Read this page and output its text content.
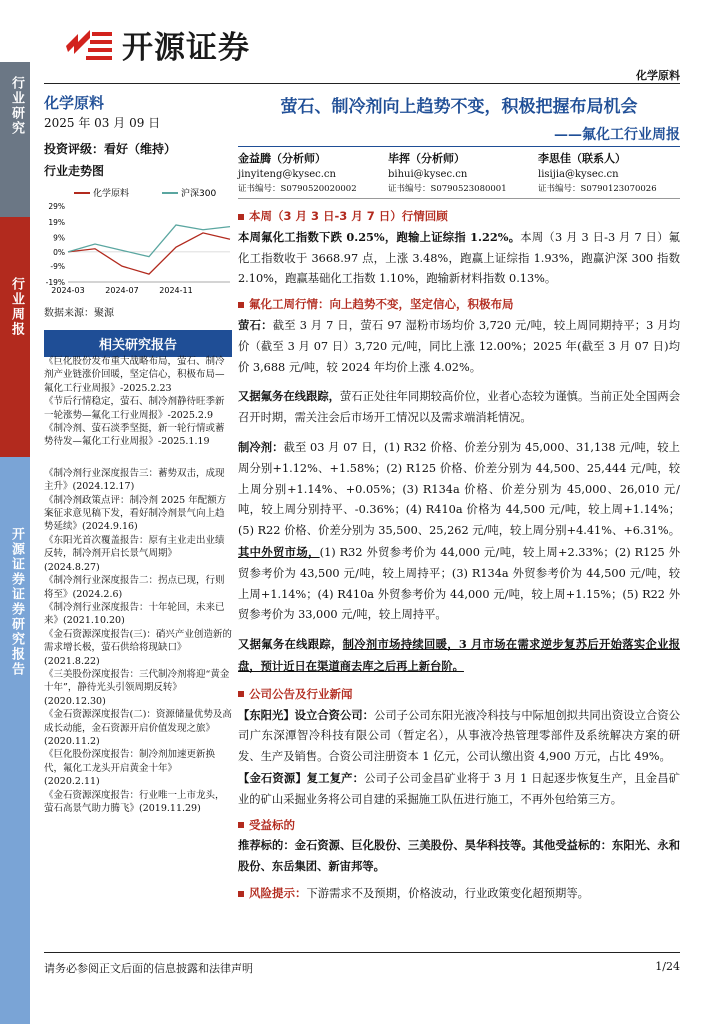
行业研究
行业周报
开源证券证券研究报告
开源证券
化学原料
化学原料
2025 年 03 月 09 日
投资评级：看好（维持）
行业走势图
化学原料	沪深300
-19%
-9%
0%
9%
19%
29%
2024-03	2024-07	2024-11
数据来源：聚源
相关研究报告
《巨化股份发布重大战略布局，萤石、制冷剂产业链涨价回暖，坚定信心，积极布局—氟化工行业周报》-2025.2.23
《节后行情稳定，萤石、制冷剂静待旺季新一轮涨势—氟化工行业周报》-2025.2.9
《制冷剂、萤石淡季坚挺，新一轮行情或蓄势待发—氟化工行业周报》-2025.1.19
《制冷剂行业深度报告三：蓄势双击，成现主升》(2024.12.17)
《制冷剂政策点评：制冷剂 2025 年配额方案征求意见稿下发，看好制冷剂景气向上趋势延续》(2024.9.16)
《东阳光首次覆盖报告：原有主业走出业绩反转，制冷剂开启长景气周期》(2024.8.27)
《制冷剂行业深度报告二：拐点已现，行则将至》(2024.2.6)
《制冷剂行业深度报告：十年轮回，未来已来》(2021.10.20)
《金石资源深度报告(三)：硝兴产业创造新的需求增长极，萤石供给将现缺口》(2021.8.22)
《三美股份深度报告：三代制冷剂将迎“黄金十年”，静待光头引领周期反转》(2020.12.30)
《金石资源深度报告(二)：资源储量优势及高成长动能，金石资源开启价值发现之旅》(2020.11.2)
《巨化股份深度报告：制冷剂加速更新换代，氟化工龙头开启黄金十年》(2020.2.11)
《金石资源深度报告：行业唯一上市龙头，萤石高景气助力腾飞》(2019.11.29)
萤石、制冷剂向上趋势不变，积极把握布局机会
——氟化工行业周报
金益腾（分析师）
jinyiteng@kysec.cn
证书编号：S0790520020002
毕挥（分析师）
bihui@kysec.cn
证书编号：S0790523080001
李思佳（联系人）
lisijia@kysec.cn
证书编号：S0790123070026
本周（3 月 3 日-3 月 7 日）行情回顾
本周氟化工指数下跌 0.25%，跑输上证综指 1.22%。本周（3 月 3 日-3 月 7 日）氟化工指数收于 3668.97 点，上涨 3.48%，跑赢上证综指 1.93%，跑赢沪深 300 指数 2.10%，跑赢基础化工指数 1.10%，跑输新材料指数 0.13%。
氟化工周行情：向上趋势不变，坚定信心，积极布局
萤石：截至 3 月 7 日，萤石 97 湿粉市场均价 3,720 元/吨，较上周同期持平；3 月均价（截至 3 月 07 日）3,720 元/吨，同比上涨 12.00%；2025 年(截至 3 月 07 日)均价 3,688 元/吨，较 2024 年均价上涨 4.02%。
又据氟务在线跟踪，萤石正处往年同期较高价位，业者心态较为谨慎。当前正处全国两会召开时期，需关注会后市场开工情况以及需求端消耗情况。
制冷剂：截至 03 月 07 日，(1) R32 价格、价差分别为 45,000、31,138 元/吨，较上周分别+1.12%、+1.58%；(2) R125 价格、价差分别为 44,500、25,444 元/吨，较上周分别+1.14%、+0.05%；(3) R134a 价格、价差分别为 45,000、26,010 元/吨，较上周分别持平、-0.36%；(4) R410a 价格为 44,500 元/吨，较上周+1.14%；(5) R22 价格、价差分别为 35,500、25,262 元/吨，较上周分别+4.41%、+6.31%。其中外贸市场，(1) R32 外贸参考价为 44,000 元/吨，较上周+2.33%；(2) R125 外贸参考价为 43,500 元/吨，较上周持平；(3) R134a 外贸参考价为 44,500 元/吨，较上周+1.14%；(4) R410a 外贸参考价为 44,000 元/吨，较上周+1.15%；(5) R22 外贸参考价为 33,000 元/吨，较上周持平。
又据氟务在线跟踪，制冷剂市场持续回暖，3 月市场在需求逆步复苏后开始落实企业报盘，预计近日在渠道商去库之后再上新台阶。
公司公告及行业新闻
【东阳光】设立合资公司：公司子公司东阳光液冷科技与中际旭创拟共同出资设立合资公司广东深潭智冷科技有限公司（暂定名），从事液冷热管理零部件及系统解决方案的研发、生产及销售。合资公司注册资本 1 亿元，公司认缴出资 4,900 万元，占比 49%。
【金石资源】复工复产：公司子公司金昌矿业将于 3 月 1 日起逐步恢复生产，且金昌矿业的矿山采掘业务将公司自建的采掘施工队伍进行施工，不再外包给第三方。
受益标的
推荐标的：金石资源、巨化股份、三美股份、昊华科技等。其他受益标的：东阳光、永和股份、东岳集团、新宙邦等。
风险提示：下游需求不及预期，价格波动，行业政策变化超预期等。
请务必参阅正文后面的信息披露和法律声明	1/24
